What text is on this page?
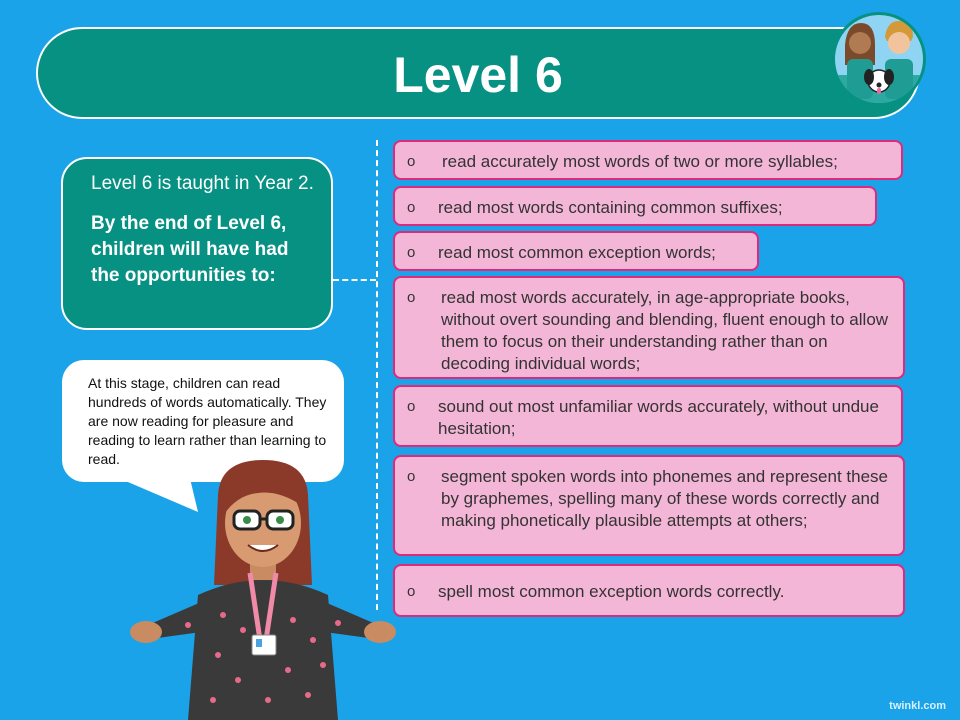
Level 6

Level 6 is taught in Year 2.

By the end of Level 6, children will have had the opportunities to:

o read accurately most words of two or more syllables;
o read most words containing common suffixes;
o read most common exception words;
o read most words accurately, in age-appropriate books, without overt sounding and blending, fluent enough to allow them to focus on their understanding rather than on decoding individual words;
o sound out most unfamiliar words accurately, without undue hesitation;
o segment spoken words into phonemes and represent these by graphemes, spelling many of these words correctly and making phonetically plausible attempts at others;
o spell most common exception words correctly.
At this stage, children can read hundreds of words automatically. They are now reading for pleasure and reading to learn rather than learning to read.
twinkl.com
